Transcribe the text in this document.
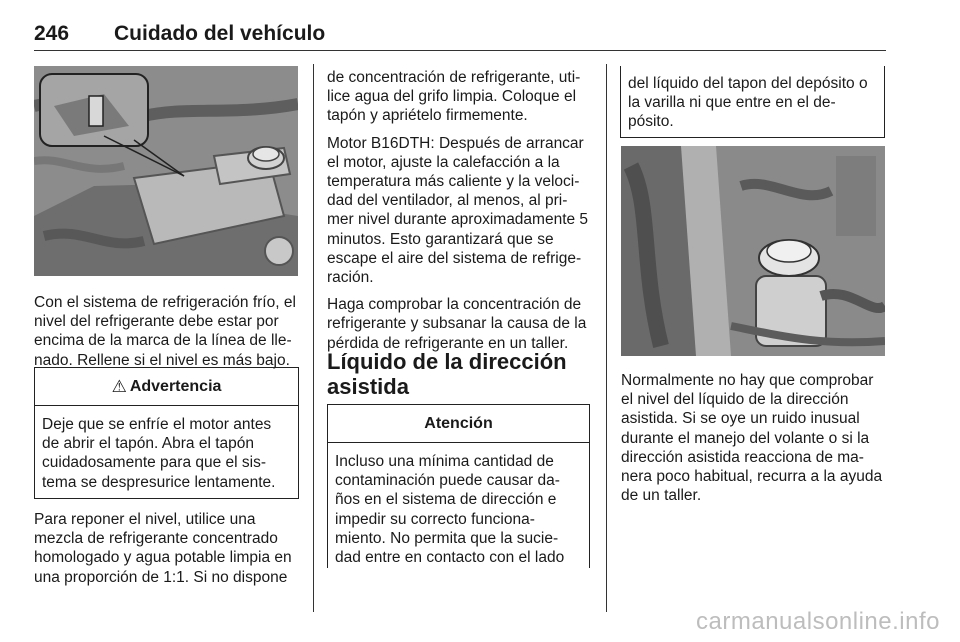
246 Cuidado del vehículo

Con el sistema de refrigeración frío, el nivel del refrigerante debe estar por encima de la marca de la línea de lle-nado. Rellene si el nivel es más bajo.

⚠ Advertencia
Deje que se enfríe el motor antes de abrir el tapón. Abra el tapón cuidadosamente para que el sis-tema se despresurice lentamente.

Para reponer el nivel, utilice una mezcla de refrigerante concentrado homologado y agua potable limpia en una proporción de 1:1. Si no dispone

de concentración de refrigerante, uti-lice agua del grifo limpia. Coloque el tapón y apriételo firmemente.

Motor B16DTH: Después de arrancar el motor, ajuste la calefacción a la temperatura más caliente y la veloci-dad del ventilador, al menos, al pri-mer nivel durante aproximadamente 5 minutos. Esto garantizará que se escape el aire del sistema de refrige-ración.

Haga comprobar la concentración de refrigerante y subsanar la causa de la pérdida de refrigerante en un taller.

Líquido de la dirección asistida
Atención
Incluso una mínima cantidad de contaminación puede causar da-ños en el sistema de dirección e impedir su correcto funciona-miento. No permita que la sucie-dad entre en contacto con el lado
del líquido del tapon del depósito o la varilla ni que entre en el de-pósito.

Normalmente no hay que comprobar el nivel del líquido de la dirección asistida. Si se oye un ruido inusual durante el manejo del volante o si la dirección asistida reacciona de ma-nera poco habitual, recurra a la ayuda de un taller.

carmanualsonline.info
